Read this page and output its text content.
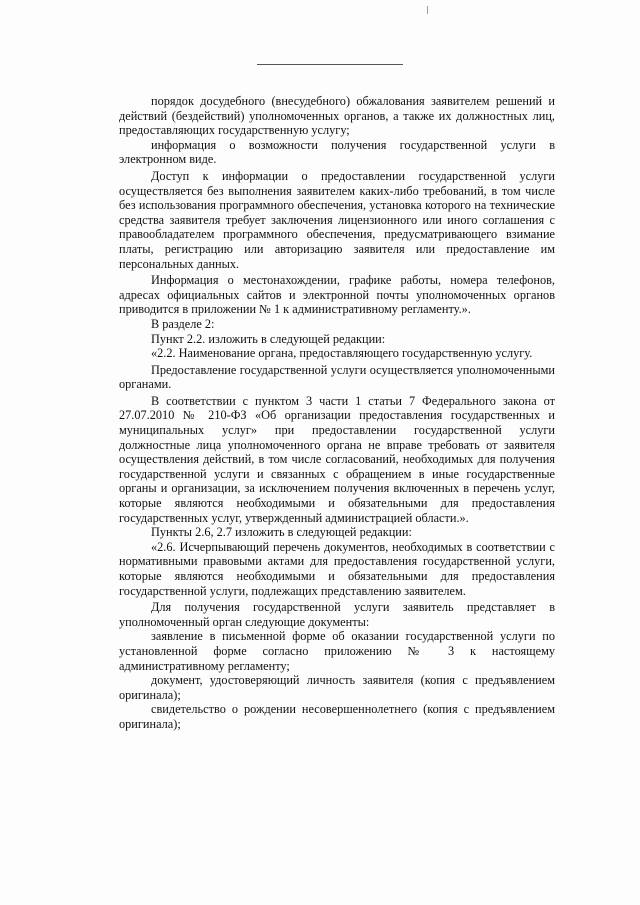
порядок досудебного (внесудебного) обжалования заявителем решений и действий (бездействий) уполномоченных органов, а также их должностных лиц, предоставляющих государственную услугу;

информация о возможности получения государственной услуги в электронном виде.

Доступ к информации о предоставлении государственной услуги осуществляется без выполнения заявителем каких-либо требований, в том числе без использования программного обеспечения, установка которого на технические средства заявителя требует заключения лицензионного или иного соглашения с правообладателем программного обеспечения, предусматривающего взимание платы, регистрацию или авторизацию заявителя или предоставление им персональных данных.

Информация о местонахождении, графике работы, номера телефонов, адресах официальных сайтов и электронной почты уполномоченных органов приводится в приложении № 1 к административному регламенту.».

В разделе 2:

Пункт 2.2. изложить в следующей редакции:

«2.2. Наименование органа, предоставляющего государственную услугу.

Предоставление государственной услуги осуществляется уполномоченными органами.

В соответствии с пунктом 3 части 1 статьи 7 Федерального закона от 27.07.2010 № 210-ФЗ «Об организации предоставления государственных и муниципальных услуг» при предоставлении государственной услуги должностные лица уполномоченного органа не вправе требовать от заявителя осуществления действий, в том числе согласований, необходимых для получения государственной услуги и связанных с обращением в иные государственные органы и организации, за исключением получения включенных в перечень услуг, которые являются необходимыми и обязательными для предоставления государственных услуг, утвержденный администрацией области.».

Пункты 2.6, 2.7 изложить в следующей редакции:

«2.6. Исчерпывающий перечень документов, необходимых в соответствии с нормативными правовыми актами для предоставления государственной услуги, которые являются необходимыми и обязательными для предоставления государственной услуги, подлежащих представлению заявителем.

Для получения государственной услуги заявитель представляет в уполномоченный орган следующие документы:

заявление в письменной форме об оказании государственной услуги по установленной форме согласно приложению № 3 к настоящему административному регламенту;

документ, удостоверяющий личность заявителя (копия с предъявлением оригинала);

свидетельство о рождении несовершеннолетнего (копия с предъявлением оригинала);
